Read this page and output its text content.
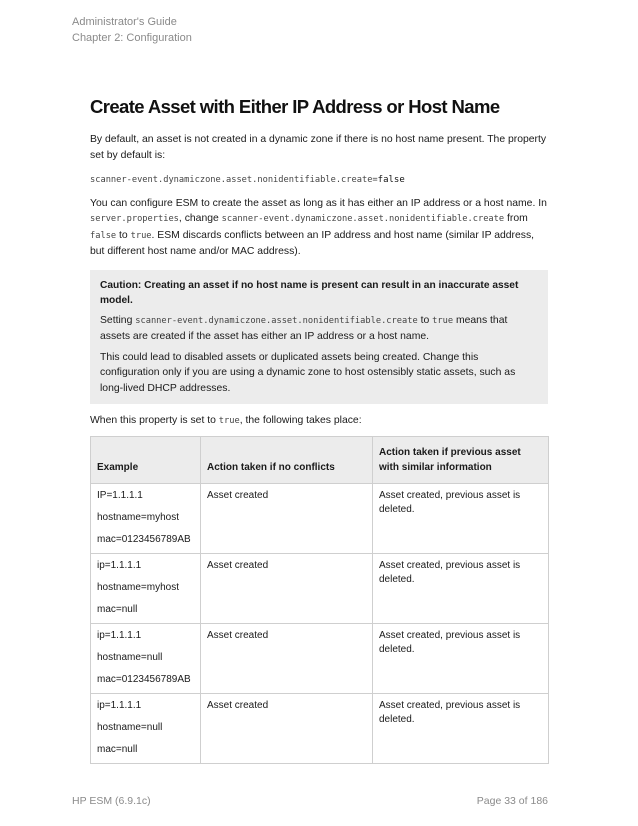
Administrator's Guide
Chapter 2: Configuration
Create Asset with Either IP Address or Host Name

By default, an asset is not created in a dynamic zone if there is no host name present. The property set by default is:

scanner-event.dynamiczone.asset.nonidentifiable.create=false

You can configure ESM to create the asset as long as it has either an IP address or a host name. In server.properties, change scanner-event.dynamiczone.asset.nonidentifiable.create from false to true. ESM discards conflicts between an IP address and host name (similar IP address, but different host name and/or MAC address).

Caution: Creating an asset if no host name is present can result in an inaccurate asset model.

Setting scanner-event.dynamiczone.asset.nonidentifiable.create to true means that assets are created if the asset has either an IP address or a host name.

This could lead to disabled assets or duplicated assets being created. Change this configuration only if you are using a dynamic zone to host ostensibly static assets, such as long-lived DHCP addresses.

When this property is set to true, the following takes place:

Example	Action taken if no conflicts	Action taken if previous asset with similar information

IP=1.1.1.1
hostname=myhost
mac=0123456789AB	Asset created	Asset created, previous asset is deleted.

ip=1.1.1.1
hostname=myhost
mac=null	Asset created	Asset created, previous asset is deleted.

ip=1.1.1.1
hostname=null
mac=0123456789AB	Asset created	Asset created, previous asset is deleted.

ip=1.1.1.1
hostname=null
mac=null	Asset created	Asset created, previous asset is deleted.
HP ESM (6.9.1c)	Page 33 of 186
